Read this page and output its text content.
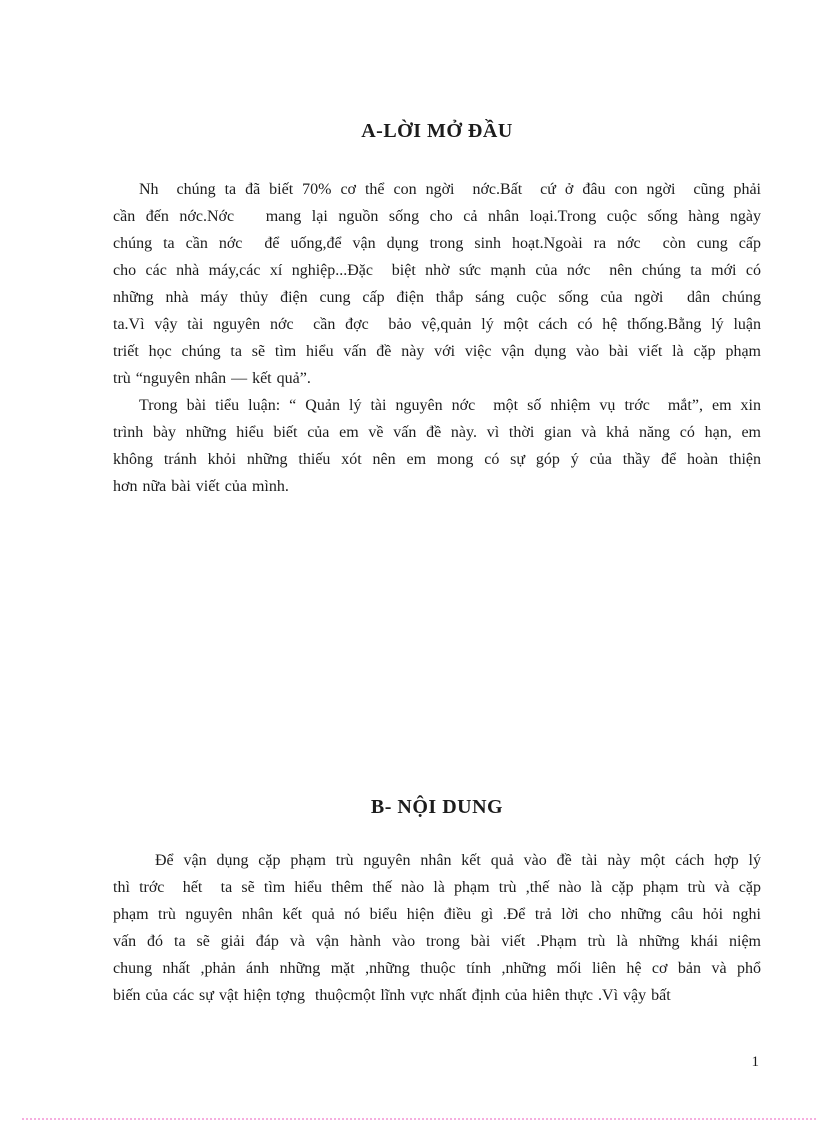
A-LỜI MỞ ĐẦU
Nh  chúng ta đã biết 70% cơ thể con ngời  nớc.Bất  cứ ở đâu con ngời  cũng phải
cần đến nớc.Nớc   mang lại nguồn sống cho cả nhân loại.Trong cuộc sống hàng ngày
chúng ta cần nớc  để uống,để vận dụng trong sinh hoạt.Ngoài ra nớc  còn cung cấp
cho các nhà máy,các xí nghiệp...Đặc  biệt nhờ sức mạnh của nớc  nên chúng ta mới có
những nhà máy thủy điện cung cấp điện thắp sáng cuộc sống của ngời  dân chúng
ta.Vì vậy tài nguyên nớc  cần đợc  bảo vệ,quản lý một cách có hệ thống.Bằng lý luận
triết học chúng ta sẽ tìm hiểu vấn đề này với việc vận dụng vào bài viết là cặp phạm
trù “nguyên nhân — kết quả”.
Trong bài tiểu luận: “ Quản lý tài nguyên nớc  một số nhiệm vụ trớc  mắt”, em xin
trình bày những hiểu biết của em về vấn đề này. vì thời gian và khả năng có hạn, em
không tránh khỏi những thiếu xót nên em mong có sự góp ý của thầy để hoàn thiện
hơn nữa bài viết của mình.
B- NỘI DUNG
Để vận dụng cặp phạm trù nguyên nhân kết quả vào đề tài này một cách hợp lý
thì trớc  hết  ta sẽ tìm hiểu thêm thế nào là phạm trù ,thế nào là cặp phạm trù và cặp
phạm trù nguyên nhân kết quả nó biểu hiện điều gì .Để trả lời cho những câu hỏi nghi
vấn đó ta sẽ giải đáp và vận hành vào trong bài viết .Phạm trù là những khái niệm
chung nhất ,phản ánh những mặt ,những thuộc tính ,những mối liên hệ cơ bản và phổ
biến của các sự vật hiện tợng  thuộcmột lĩnh vực nhất định của hiên thực .Vì vậy bất
1
